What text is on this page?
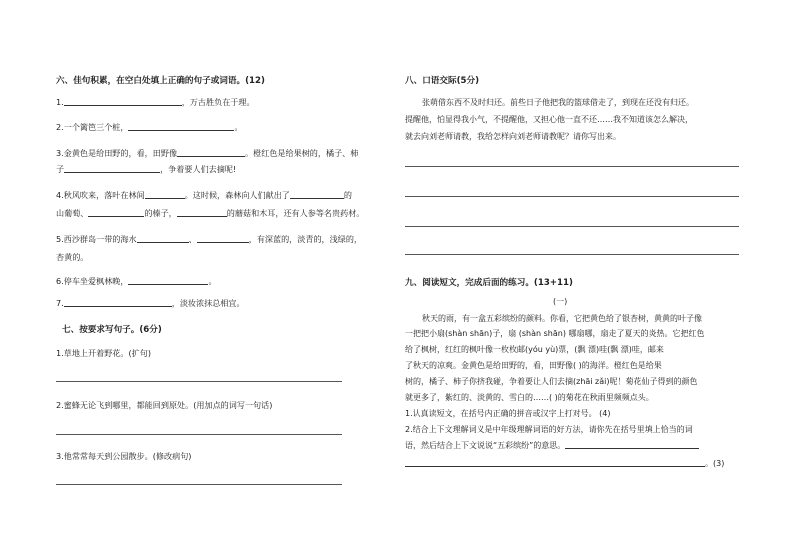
六、佳句积累，在空白处填上正确的句子或词语。(12)
1.	，万古胜负在于理。
2.一个篱笆三个桩，	。
3.金黄色是给田野的，看，田野像	。橙红色是给果树的，橘子、柿
子	，争着要人们去摘呢!
4.秋风吹来，落叶在林间	。这时候，森林向人们献出了	的
山葡萄、	的榛子，	的蘑菇和木耳，还有人参等名贵药材。
5.西沙群岛一带的海水	、	，有深蓝的，淡青的，浅绿的，
杏黄的。
6.停车坐爱枫林晚，	。
7.	，淡妆浓抹总相宜。
七、按要求写句子。(6分)
1.草地上开着野花。(扩句)
2.蜜蜂无论飞到哪里，都能回到原处。(用加点的词写一句话)
3.他常常每天到公园散步。(修改病句)
八、口语交际(5分)
张萌借东西不及时归还。前些日子他把我的篮球借走了，到现在还没有归还。
提醒他，怕显得我小气，不提醒他，又担心他一直不还……我不知道该怎么解决，
就去向刘老师请教，我给怎样向刘老师请教呢？请你写出来。
九、阅读短文，完成后面的练习。(13+11)
(一)
秋天的雨，有一盒五彩缤纷的颜料。你看，它把黄色给了银杏树，黄黄的叶子像
一把把小扇(shàn shān)子，扇 (shàn shān) 哪扇哪，扇走了夏天的炎热。它把红色
给了枫树，红红的枫叶像一枚枚邮(yóu yù)票，(飘 漂)哇(飘 漂)哇，邮来
了秋天的凉爽。金黄色是给田野的，看，田野像( )的海洋。橙红色是给果
树的，橘子、柿子你挤我碰，争着要让人们去摘(zhāi zǎi)呢！菊花仙子得到的颜色
就更多了，紫红的、淡黄的、雪白的……( )的菊花在秋雨里频频点头。
1.认真读短文，在括号内正确的拼音或汉字上打对号。 (4)
2.结合上下文理解词义是中年级理解词语的好方法，请你先在括号里填上恰当的词
语，然后结合上下文说说“五彩缤纷”的意思。
。(3)
